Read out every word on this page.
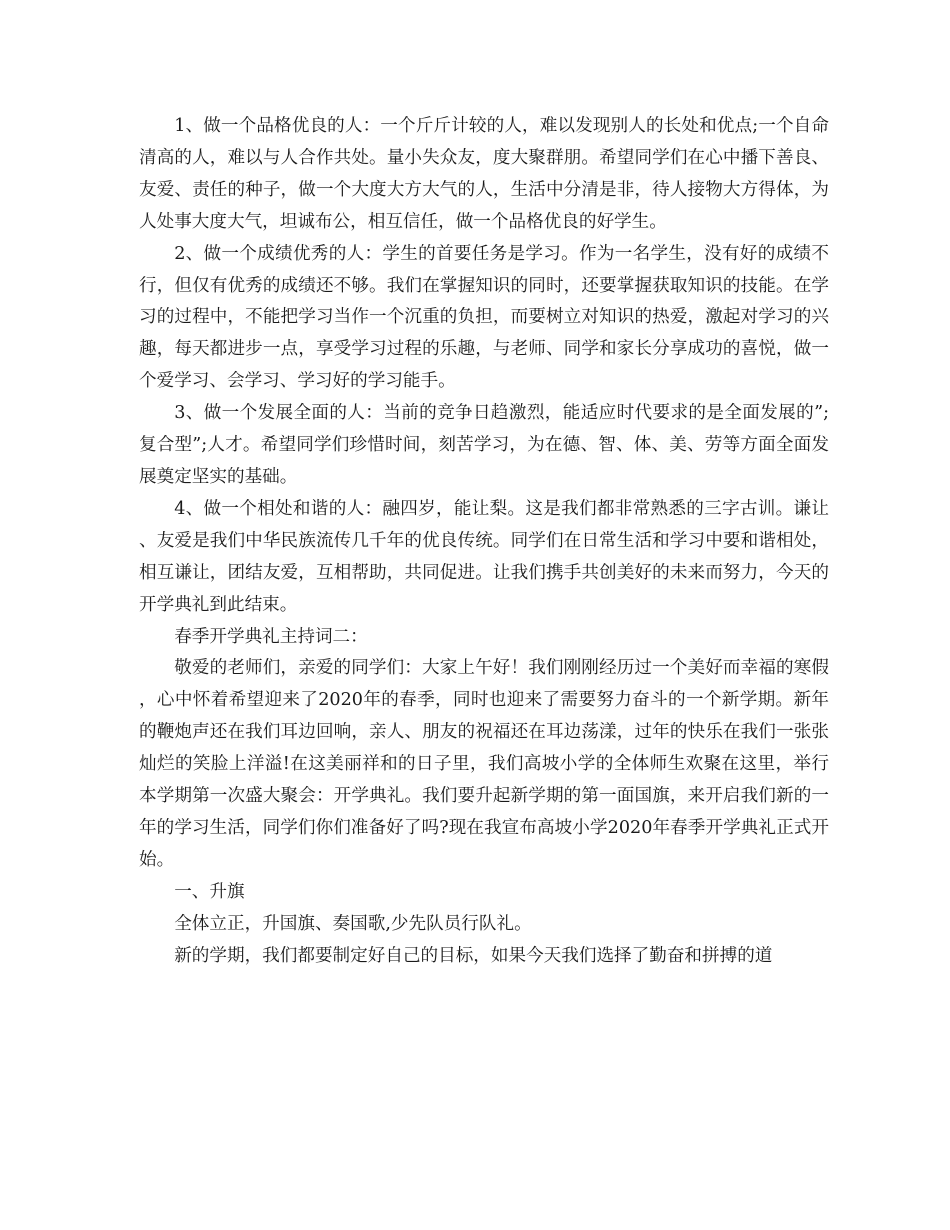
1、做一个品格优良的人：一个斤斤计较的人，难以发现别人的长处和优点;一个自命清高的人，难以与人合作共处。量小失众友，度大聚群朋。希望同学们在心中播下善良、友爱、责任的种子，做一个大度大方大气的人，生活中分清是非，待人接物大方得体，为人处事大度大气，坦诚布公，相互信任，做一个品格优良的好学生。

2、做一个成绩优秀的人：学生的首要任务是学习。作为一名学生，没有好的成绩不行，但仅有优秀的成绩还不够。我们在掌握知识的同时，还要掌握获取知识的技能。在学习的过程中，不能把学习当作一个沉重的负担，而要树立对知识的热爱，激起对学习的兴趣，每天都进步一点，享受学习过程的乐趣，与老师、同学和家长分享成功的喜悦，做一个爱学习、会学习、学习好的学习能手。

3、做一个发展全面的人：当前的竞争日趋激烈，能适应时代要求的是全面发展的”;复合型”;人才。希望同学们珍惜时间，刻苦学习，为在德、智、体、美、劳等方面全面发展奠定坚实的基础。

4、做一个相处和谐的人：融四岁，能让梨。这是我们都非常熟悉的三字古训。谦让、友爱是我们中华民族流传几千年的优良传统。同学们在日常生活和学习中要和谐相处，相互谦让，团结友爱，互相帮助，共同促进。让我们携手共创美好的未来而努力，今天的开学典礼到此结束。

春季开学典礼主持词二：

敬爱的老师们，亲爱的同学们：大家上午好！我们刚刚经历过一个美好而幸福的寒假，心中怀着希望迎来了2020年的春季，同时也迎来了需要努力奋斗的一个新学期。新年的鞭炮声还在我们耳边回响，亲人、朋友的祝福还在耳边荡漾，过年的快乐在我们一张张灿烂的笑脸上洋溢!在这美丽祥和的日子里，我们高坡小学的全体师生欢聚在这里，举行本学期第一次盛大聚会：开学典礼。我们要升起新学期的第一面国旗，来开启我们新的一年的学习生活，同学们你们准备好了吗?现在我宣布高坡小学2020年春季开学典礼正式开始。

一、升旗

全体立正，升国旗、奏国歌,少先队员行队礼。

新的学期，我们都要制定好自己的目标，如果今天我们选择了勤奋和拼搏的道
